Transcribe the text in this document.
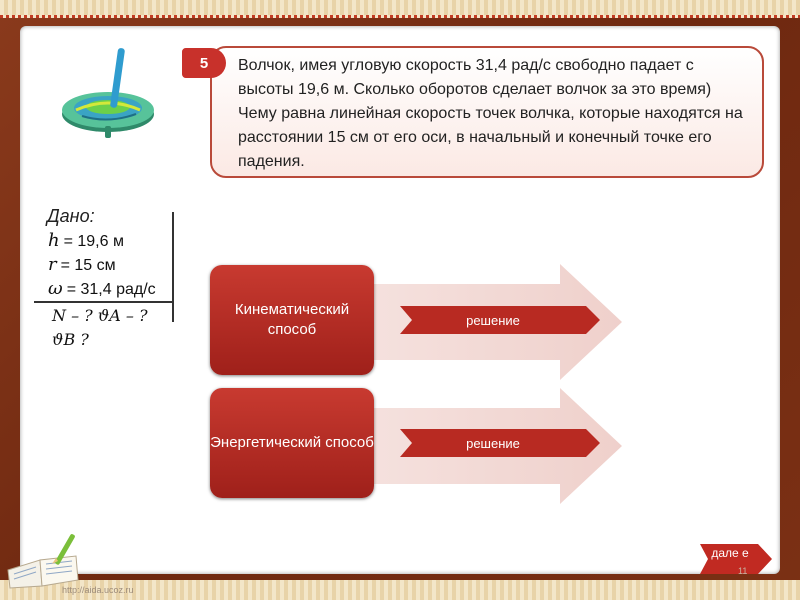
5	Волчок, имея угловую скорость 31,4 рад/с свободно падает с высоты 19,6 м. Сколько оборотов сделает волчок за это время) Чему равна линейная скорость точек волчка, которые находятся на расстоянии 15 см от его оси, в начальный и конечный точке его падения.
Дано:
h = 19,6 м
r = 15 см
ω = 31,4 рад/с
N – ? ϑA – ?
ϑB ?
Кинематический способ
решение
Энергетический способ	решение
http://aida.ucoz.ru
дале е
11
